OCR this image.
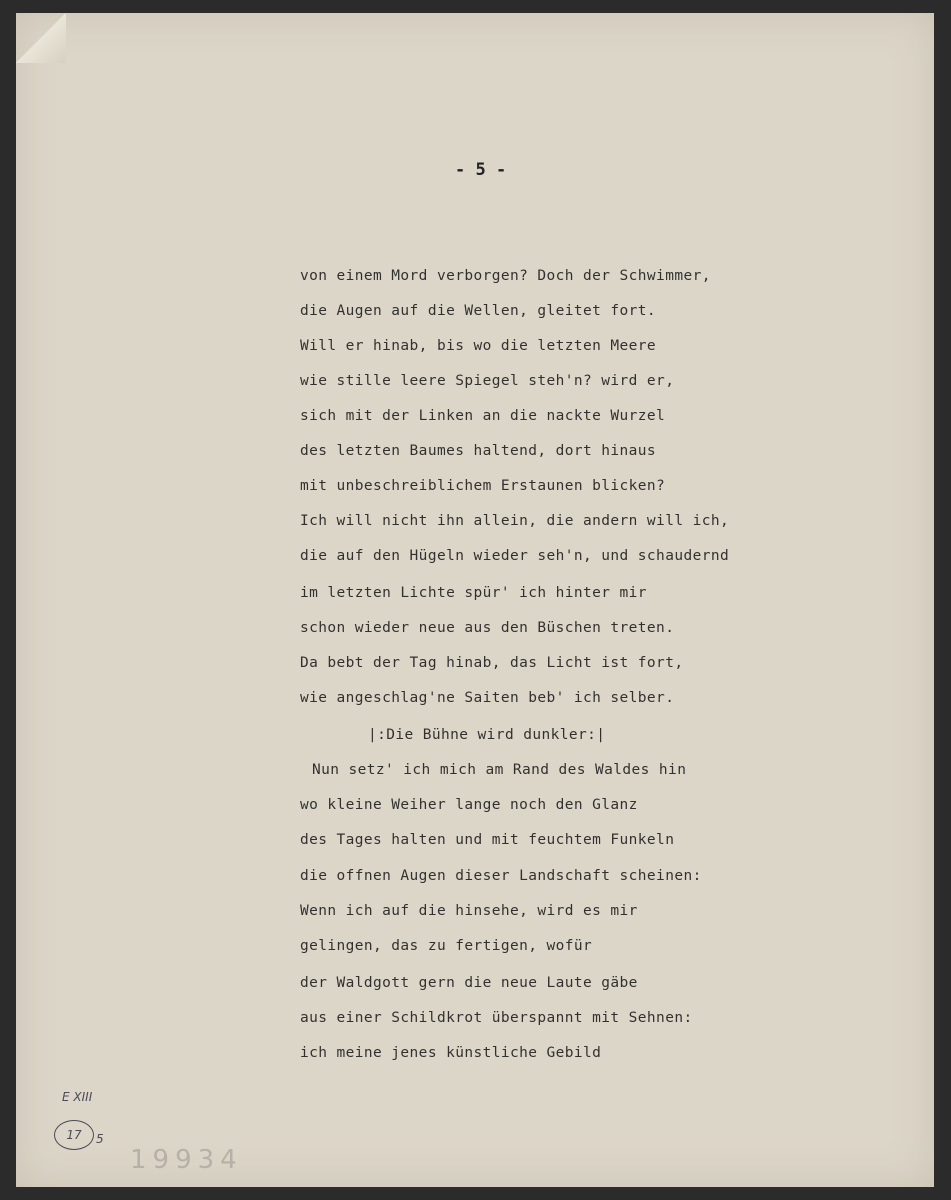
- 5 -
von einem Mord verborgen? Doch der Schwimmer,
die Augen auf die Wellen, gleitet fort.
Will er hinab, bis wo die letzten Meere
wie stille leere Spiegel steh'n? wird er,
sich mit der Linken an die nackte Wurzel
des letzten Baumes haltend, dort hinaus
mit unbeschreiblichem Erstaunen blicken?
Ich will nicht ihn allein, die andern will ich,
die auf den Hügeln wieder seh'n, und schaudernd
im letzten Lichte spür' ich hinter mir
schon wieder neue aus den Büschen treten.
Da bebt der Tag hinab, das Licht ist fort,
wie angeschlag'ne Saiten beb' ich selber.
|:Die Bühne wird dunkler:|
Nun setz' ich mich am Rand des Waldes hin
wo kleine Weiher lange noch den Glanz
des Tages halten und mit feuchtem Funkeln
die offnen Augen dieser Landschaft scheinen:
Wenn ich auf die hinsehe, wird es mir
gelingen, das zu fertigen, wofür
der Waldgott gern die neue Laute gäbe
aus einer Schildkrot überspannt mit Sehnen:
ich meine jenes künstliche Gebild
E XIII
17	5
19934
